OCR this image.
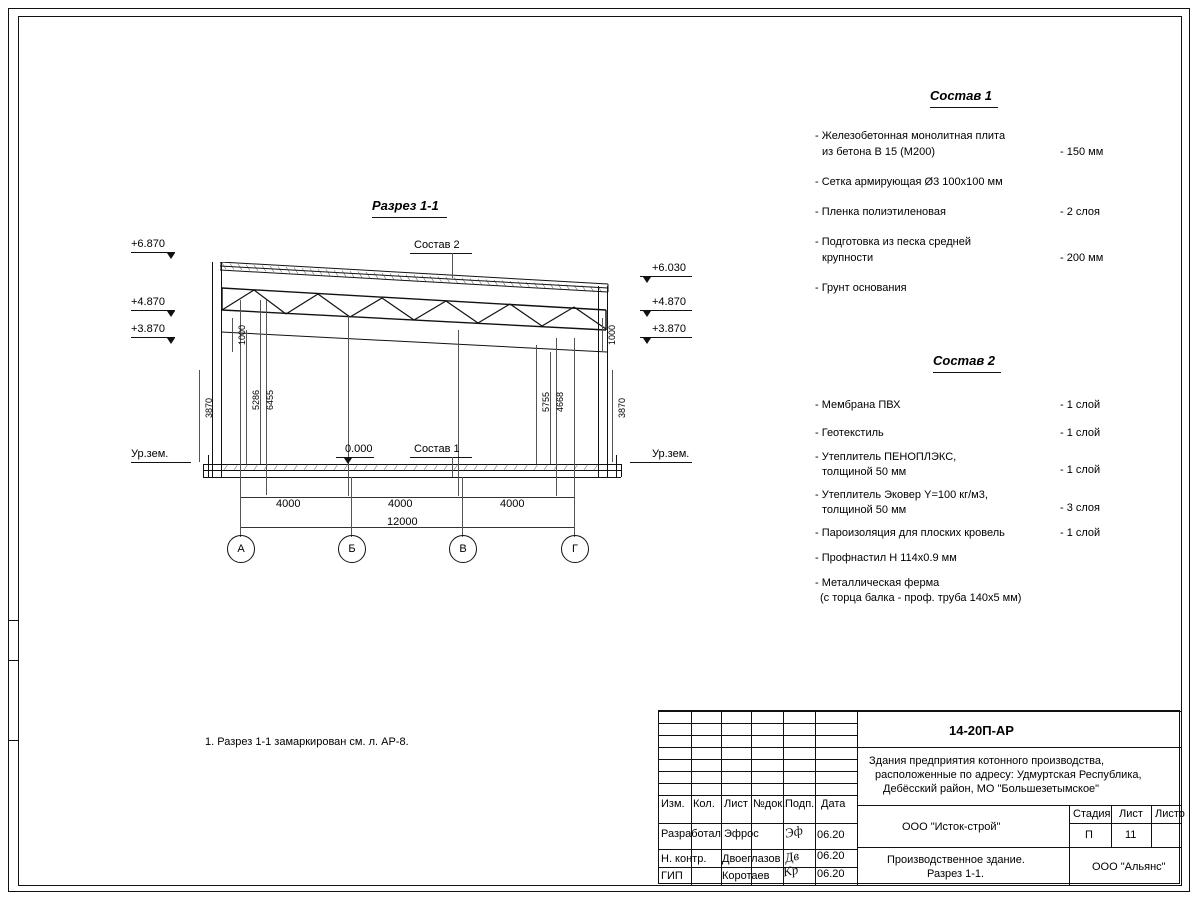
Разрез 1-1
+6.870
+4.870
+3.870
Ур.зем.
+6.030
+4.870
+3.870
Ур.зем.
0.000
Состав 2
Состав 1
1000
5286 6455
3870
1000
5755 4668	3870
4000	4000	4000
12000
А	Б	В	Г
Состав 1
- Железобетонная монолитная плита
из бетона В 15 (М200)	- 150 мм
- Сетка армирующая Ø3 100х100 мм
- Пленка полиэтиленовая	- 2 слоя
- Подготовка из песка средней
крупности	- 200 мм
- Грунт основания
Состав 2
- Мембрана ПВХ	- 1 слой
- Геотекстиль	- 1 слой
- Утеплитель ПЕНОПЛЭКС,
толщиной 50 мм	- 1 слой
- Утеплитель Эковер Y=100 кг/м3,
толщиной 50 мм	- 3 слоя
- Пароизоляция для плоских кровель	- 1 слой
- Профнастил Н 114х0.9 мм
- Металлическая ферма
(с торца балка - проф. труба 140х5 мм)
1. Разрез 1-1 замаркирован см. л. АР-8.
Изм. Кол. Лист №док. Подп. Дата
Разработал Эфрос	06.20
Эф
Н. контр. Двоеглазов	06.20
Дв
ГИП	Коротаев	06.20
Кр
14-20П-АР
Здания предприятия котонного производства,
расположенные по адресу: Удмуртская Республика,
Дебёсский район, МО "Большезетымское"
ООО "Исток-строй"
Стадия Лист Листо
П	11
Производственное здание.
Разрез 1-1.
ООО "Альянс"
